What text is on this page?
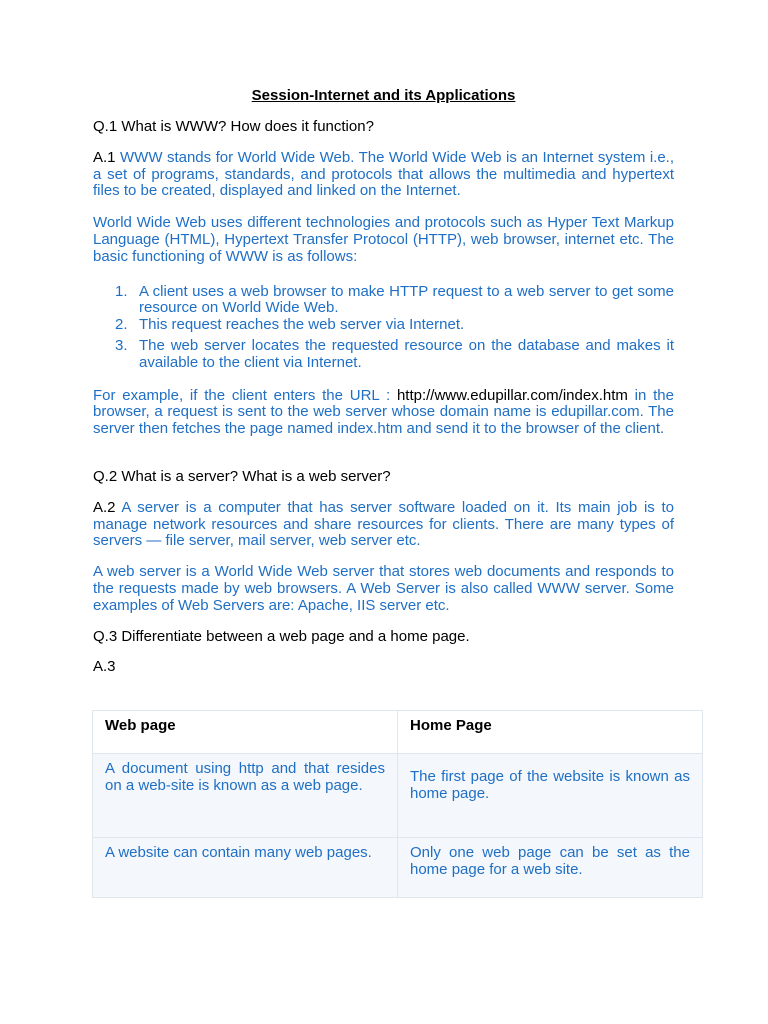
Session-Internet and its Applications

Q.1 What is WWW? How does it function?

A.1 WWW stands for World Wide Web. The World Wide Web is an Internet system i.e., a set of programs, standards, and protocols that allows the multimedia and hypertext files to be created, displayed and linked on the Internet.

World Wide Web uses different technologies and protocols such as Hyper Text Markup Language (HTML), Hypertext Transfer Protocol (HTTP), web browser, internet etc. The basic functioning of WWW is as follows:

1. A client uses a web browser to make HTTP request to a web server to get some resource on World Wide Web.
2. This request reaches the web server via Internet.
3. The web server locates the requested resource on the database and makes it available to the client via Internet.

For example, if the client enters the URL : http://www.edupillar.com/index.htm in the browser, a request is sent to the web server whose domain name is edupillar.com. The server then fetches the page named index.htm and send it to the browser of the client.

Q.2 What is a server? What is a web server?

A.2 A server is a computer that has server software loaded on it. Its main job is to manage network resources and share resources for clients. There are many types of servers — file server, mail server, web server etc.

A web server is a World Wide Web server that stores web documents and responds to the requests made by web browsers. A Web Server is also called WWW server. Some examples of Web Servers are: Apache, IIS server etc.

Q.3 Differentiate between a web page and a home page.

A.3

Web page	Home Page
A document using http and that resides on a web-site is known as a web page.	The first page of the website is known as home page.
A website can contain many web pages.	Only one web page can be set as the home page for a web site.
